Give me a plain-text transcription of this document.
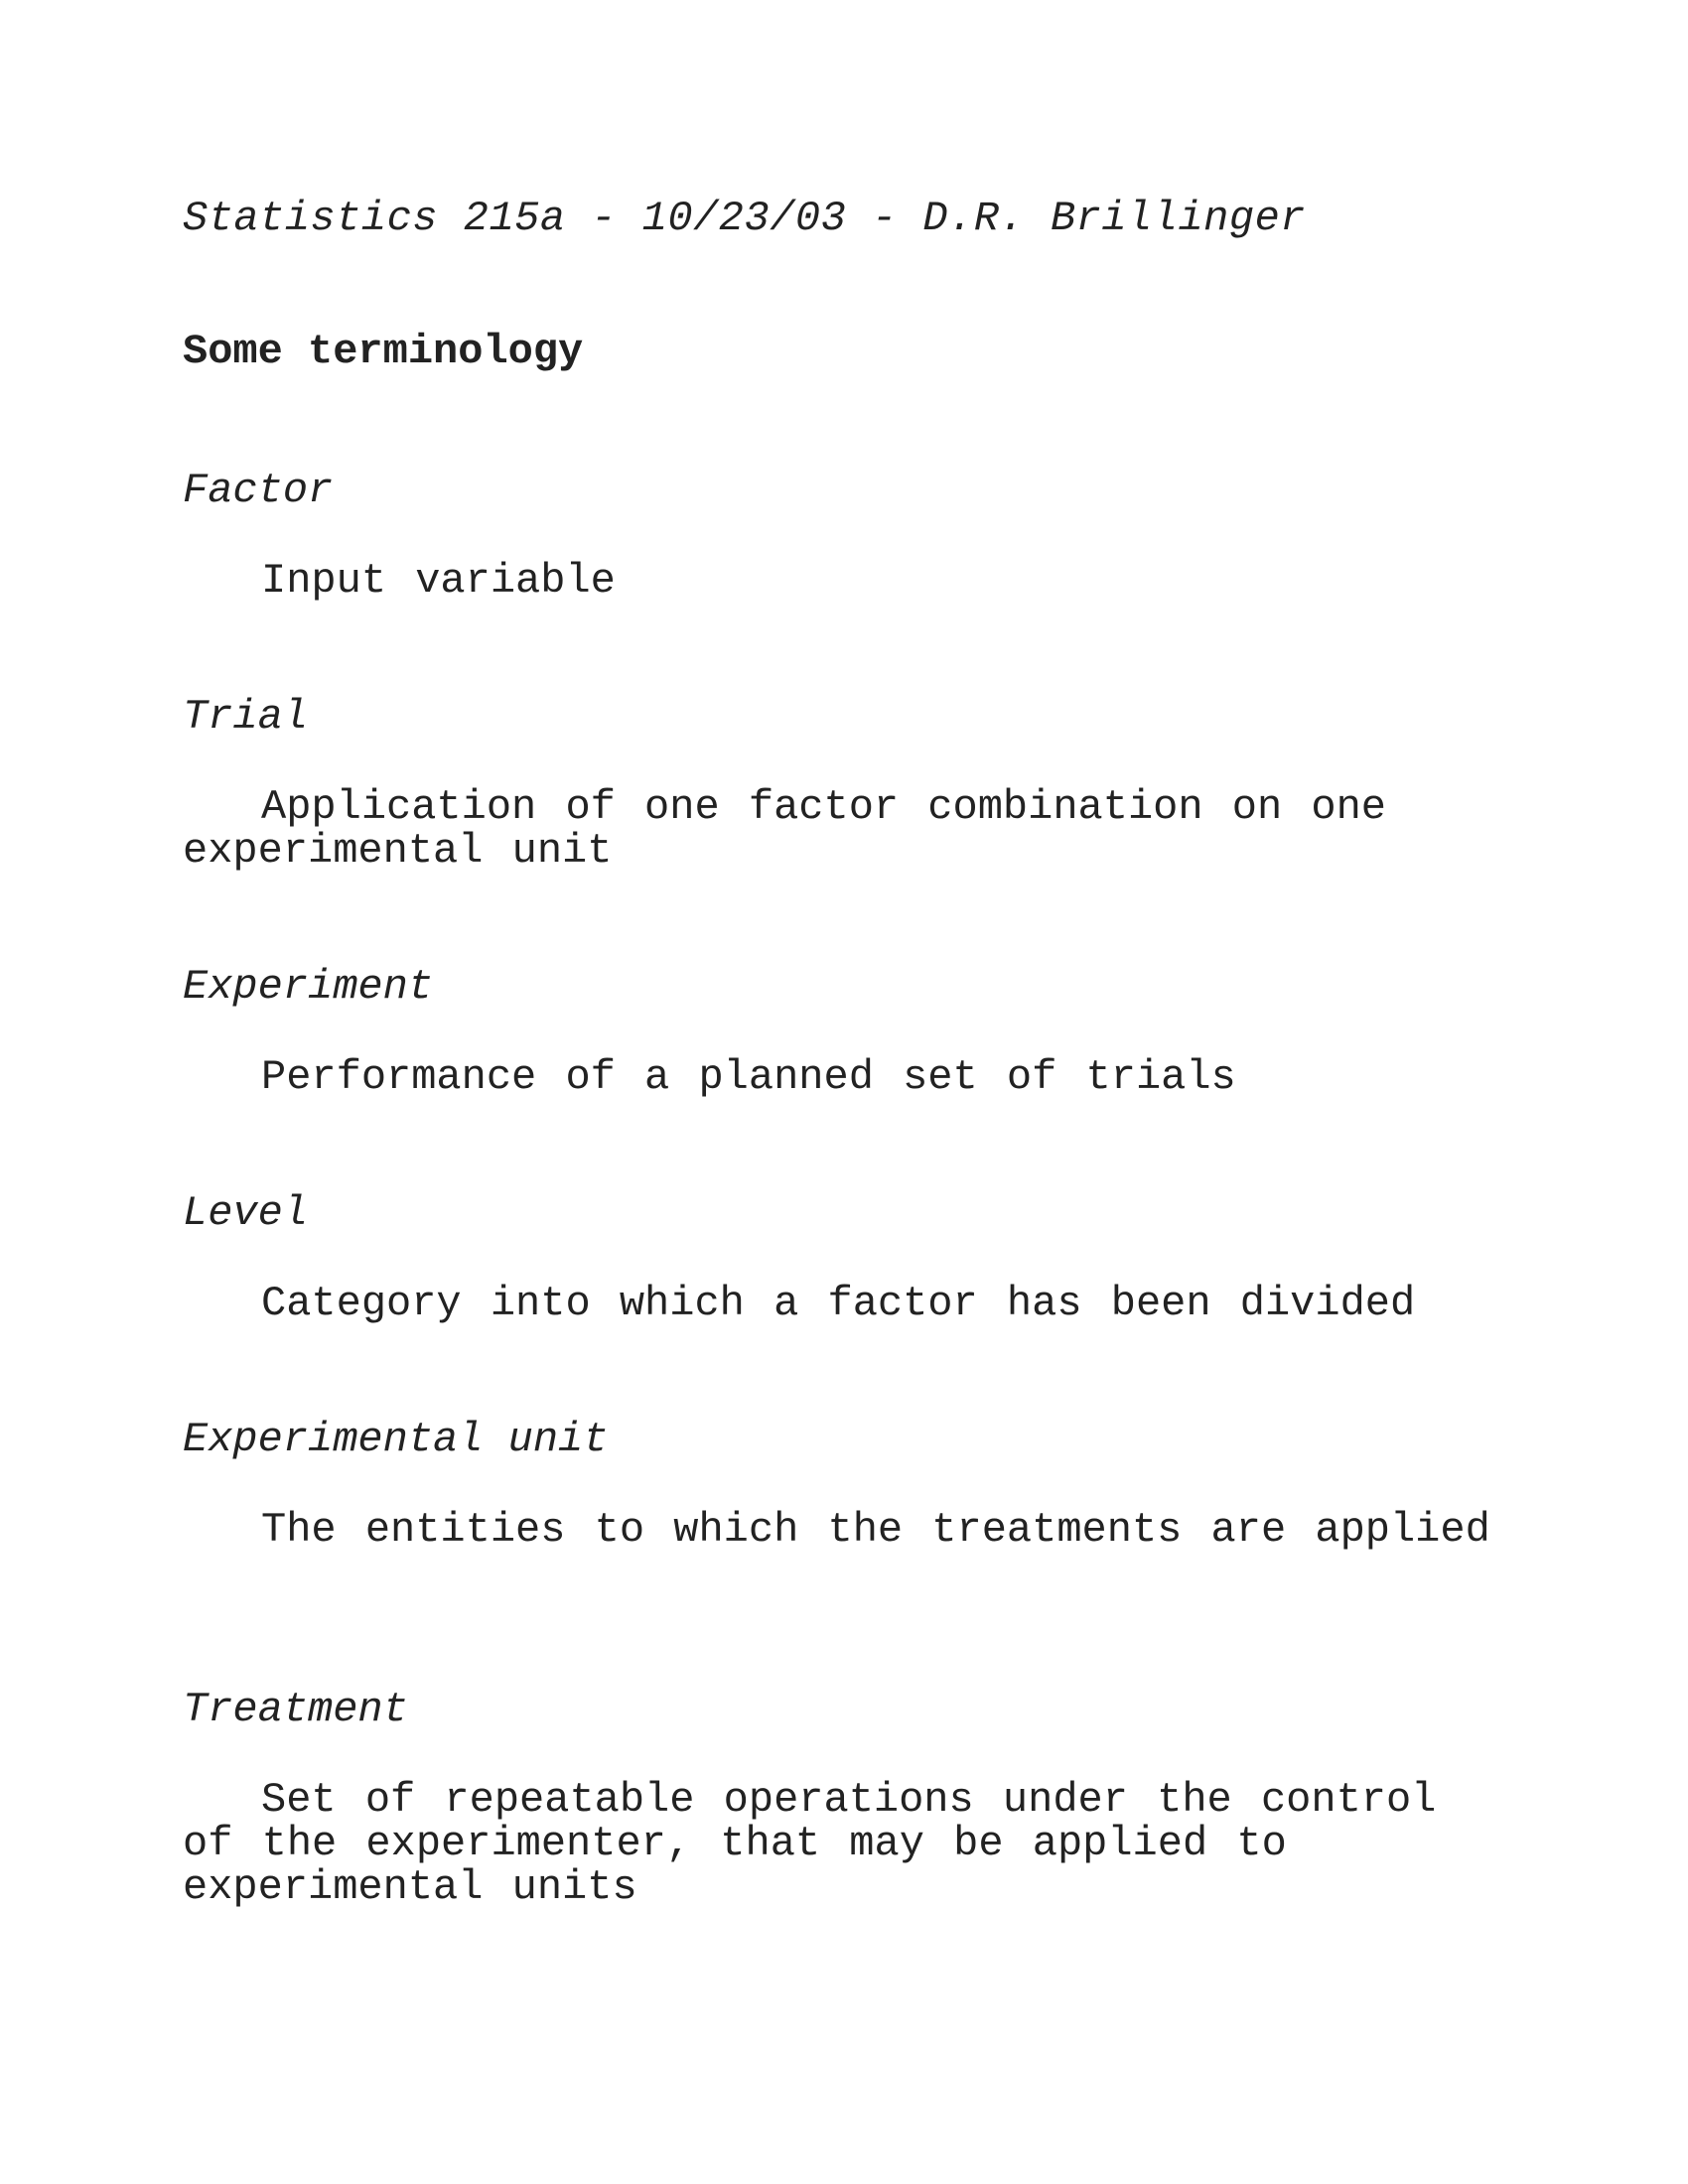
Statistics 215a - 10/23/03 - D.R. Brillinger
Some terminology
Factor
Input variable
Trial
Application of one factor combination on one experimental unit
Experiment
Performance of a planned set of trials
Level
Category into which a factor has been divided
Experimental unit
The entities to which the treatments are applied
Treatment
Set of repeatable operations under the control of the experimenter, that may be applied to experimental units
